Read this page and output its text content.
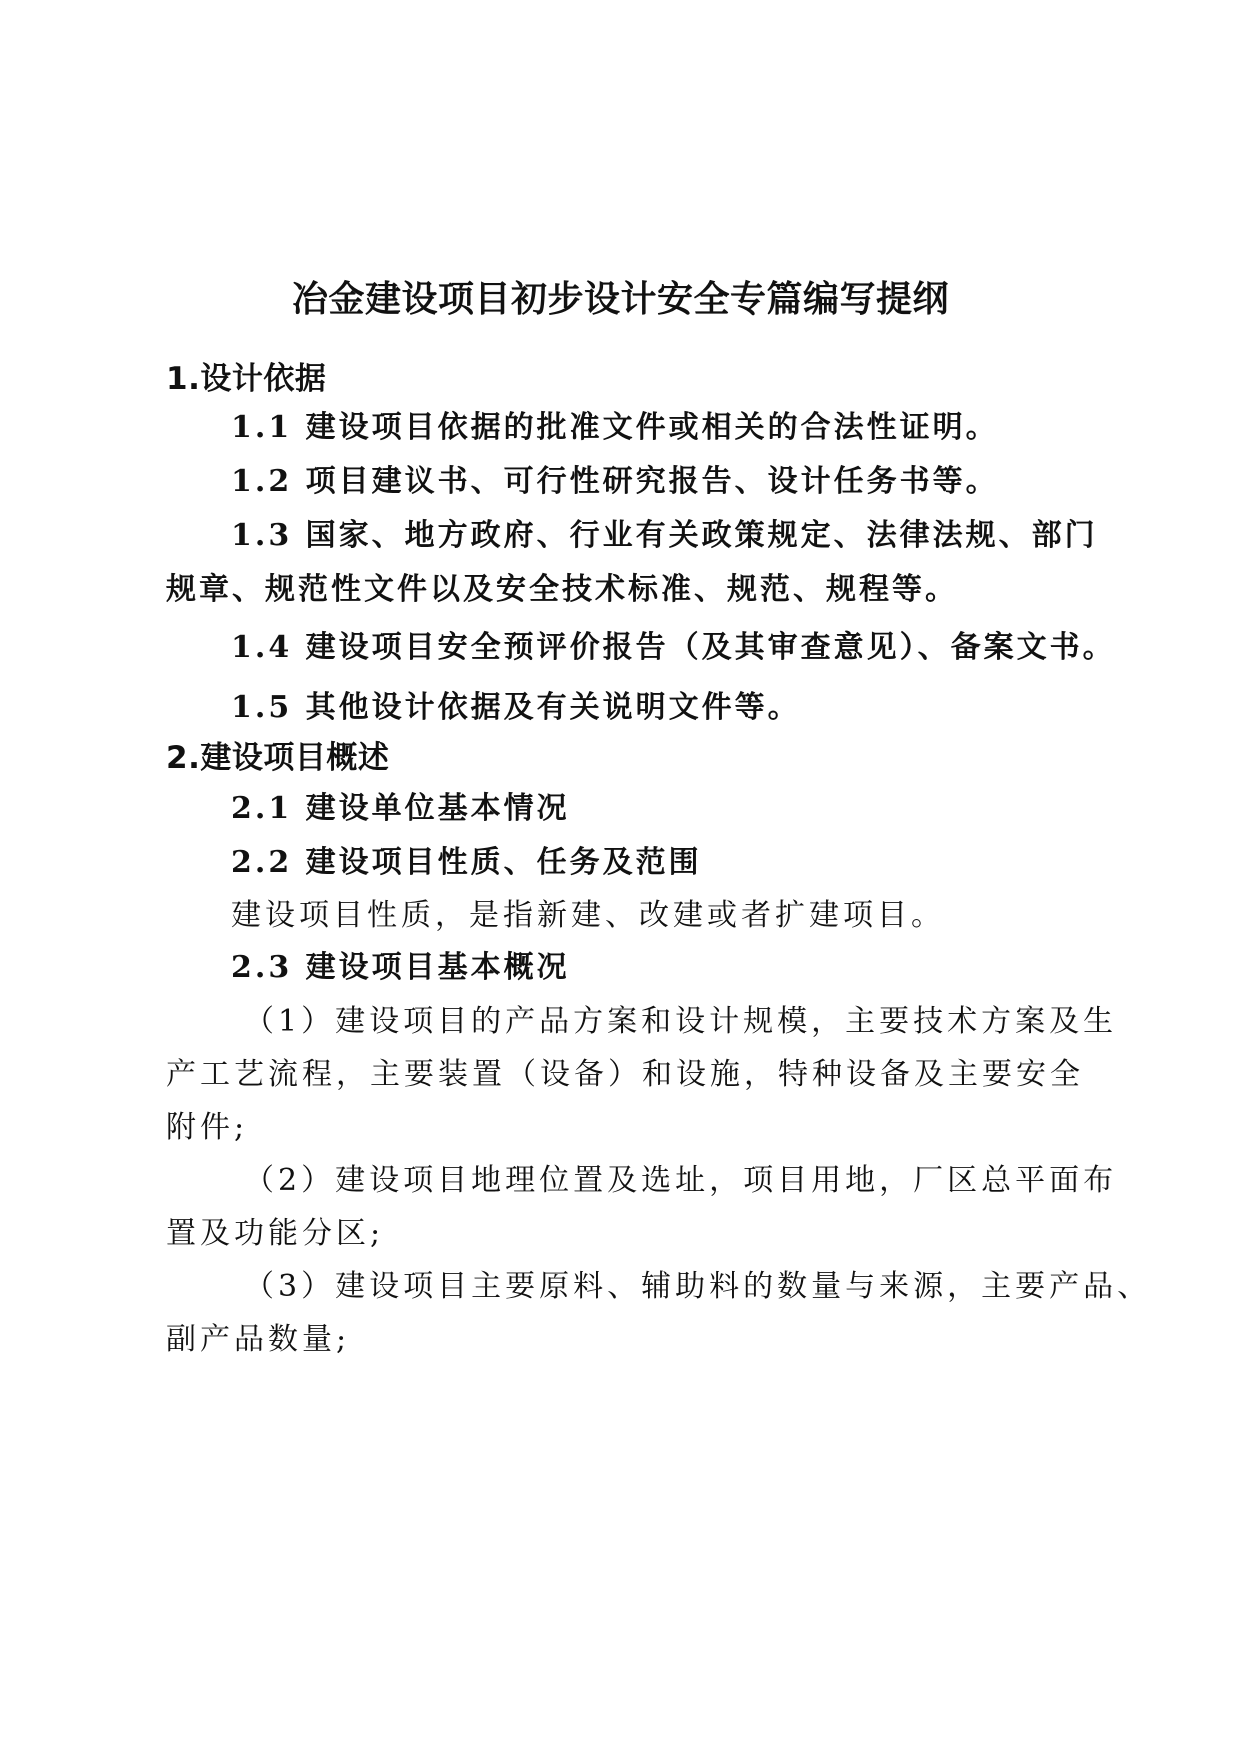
冶金建设项目初步设计安全专篇编写提纲
1.设计依据
1.1 建设项目依据的批准文件或相关的合法性证明。
1.2 项目建议书、可行性研究报告、设计任务书等。
1.3 国家、地方政府、行业有关政策规定、法律法规、部门
规章、规范性文件以及安全技术标准、规范、规程等。
1.4 建设项目安全预评价报告（及其审查意见）、备案文书。
1.5 其他设计依据及有关说明文件等。
2.建设项目概述
2.1 建设单位基本情况
2.2 建设项目性质、任务及范围
建设项目性质，是指新建、改建或者扩建项目。
2.3 建设项目基本概况
（1）建设项目的产品方案和设计规模，主要技术方案及生
产工艺流程，主要装置（设备）和设施，特种设备及主要安全
附件;
（2）建设项目地理位置及选址，项目用地，厂区总平面布
置及功能分区;
（3）建设项目主要原料、辅助料的数量与来源，主要产品、
副产品数量;
